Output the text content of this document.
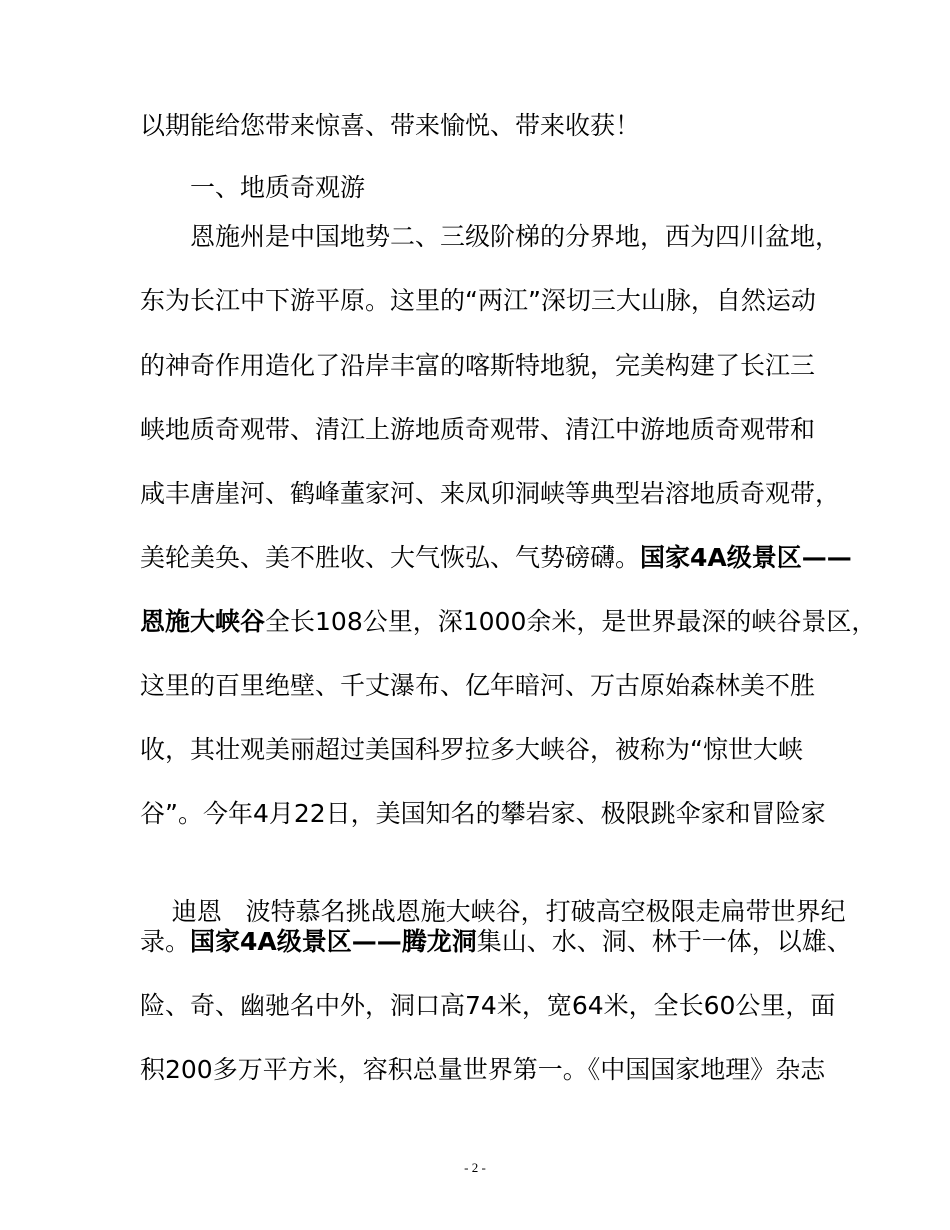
以期能给您带来惊喜、带来愉悦、带来收获！
一、地质奇观游
恩施州是中国地势二、三级阶梯的分界地，西为四川盆地，
东为长江中下游平原。这里的“两江”深切三大山脉，自然运动
的神奇作用造化了沿岸丰富的喀斯特地貌，完美构建了长江三
峡地质奇观带、清江上游地质奇观带、清江中游地质奇观带和
咸丰唐崖河、鹤峰董家河、来凤卯洞峡等典型岩溶地质奇观带，
美轮美奂、美不胜收、大气恢弘、气势磅礴。国家4A级景区——
恩施大峡谷全长108公里，深1000余米，是世界最深的峡谷景区，
这里的百里绝壁、千丈瀑布、亿年暗河、万古原始森林美不胜
收，其壮观美丽超过美国科罗拉多大峡谷，被称为“惊世大峡
谷”。今年4月22日，美国知名的攀岩家、极限跳伞家和冒险家

迪恩   波特慕名挑战恩施大峡谷，打破高空极限走扁带世界纪

录。国家4A级景区——腾龙洞集山、水、洞、林于一体，以雄、
险、奇、幽驰名中外，洞口高74米，宽64米，全长60公里，面
积200多万平方米，容积总量世界第一。《中国国家地理》杂志
- 2 -
